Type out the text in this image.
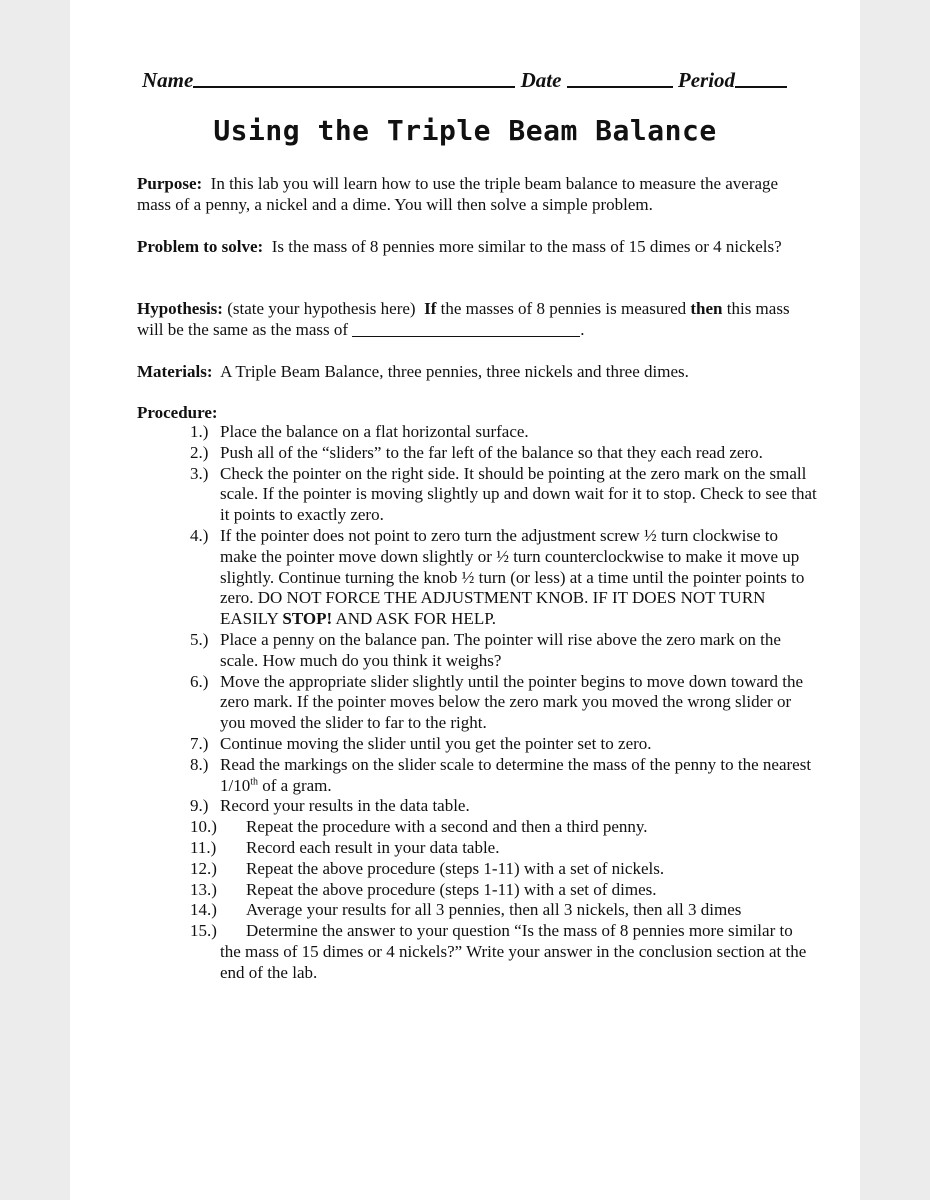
Name	Date	Period
Using the Triple Beam Balance
Purpose: In this lab you will learn how to use the triple beam balance to measure the average mass of a penny, a nickel and a dime. You will then solve a simple problem.
Problem to solve: Is the mass of 8 pennies more similar to the mass of 15 dimes or 4 nickels?
Hypothesis: (state your hypothesis here) If the masses of 8 pennies is measured then this mass will be the same as the mass of	.
Materials: A Triple Beam Balance, three pennies, three nickels and three dimes.
Procedure:
1.) Place the balance on a flat horizontal surface.
2.) Push all of the “sliders” to the far left of the balance so that they each read zero.
3.) Check the pointer on the right side. It should be pointing at the zero mark on the small scale. If the pointer is moving slightly up and down wait for it to stop. Check to see that it points to exactly zero.
4.) If the pointer does not point to zero turn the adjustment screw ½ turn clockwise to make the pointer move down slightly or ½ turn counterclockwise to make it move up slightly. Continue turning the knob ½ turn (or less) at a time until the pointer points to zero. DO NOT FORCE THE ADJUSTMENT KNOB. IF IT DOES NOT TURN EASILY STOP! AND ASK FOR HELP.
5.) Place a penny on the balance pan. The pointer will rise above the zero mark on the scale. How much do you think it weighs?
6.) Move the appropriate slider slightly until the pointer begins to move down toward the zero mark. If the pointer moves below the zero mark you moved the wrong slider or you moved the slider to far to the right.
7.) Continue moving the slider until you get the pointer set to zero.
8.) Read the markings on the slider scale to determine the mass of the penny to the nearest 1/10th of a gram.
9.) Record your results in the data table.
10.) Repeat the procedure with a second and then a third penny.
11.) Record each result in your data table.
12.) Repeat the above procedure (steps 1-11) with a set of nickels.
13.) Repeat the above procedure (steps 1-11) with a set of dimes.
14.) Average your results for all 3 pennies, then all 3 nickels, then all 3 dimes
15.) Determine the answer to your question “Is the mass of 8 pennies more similar to the mass of 15 dimes or 4 nickels?” Write your answer in the conclusion section at the end of the lab.
